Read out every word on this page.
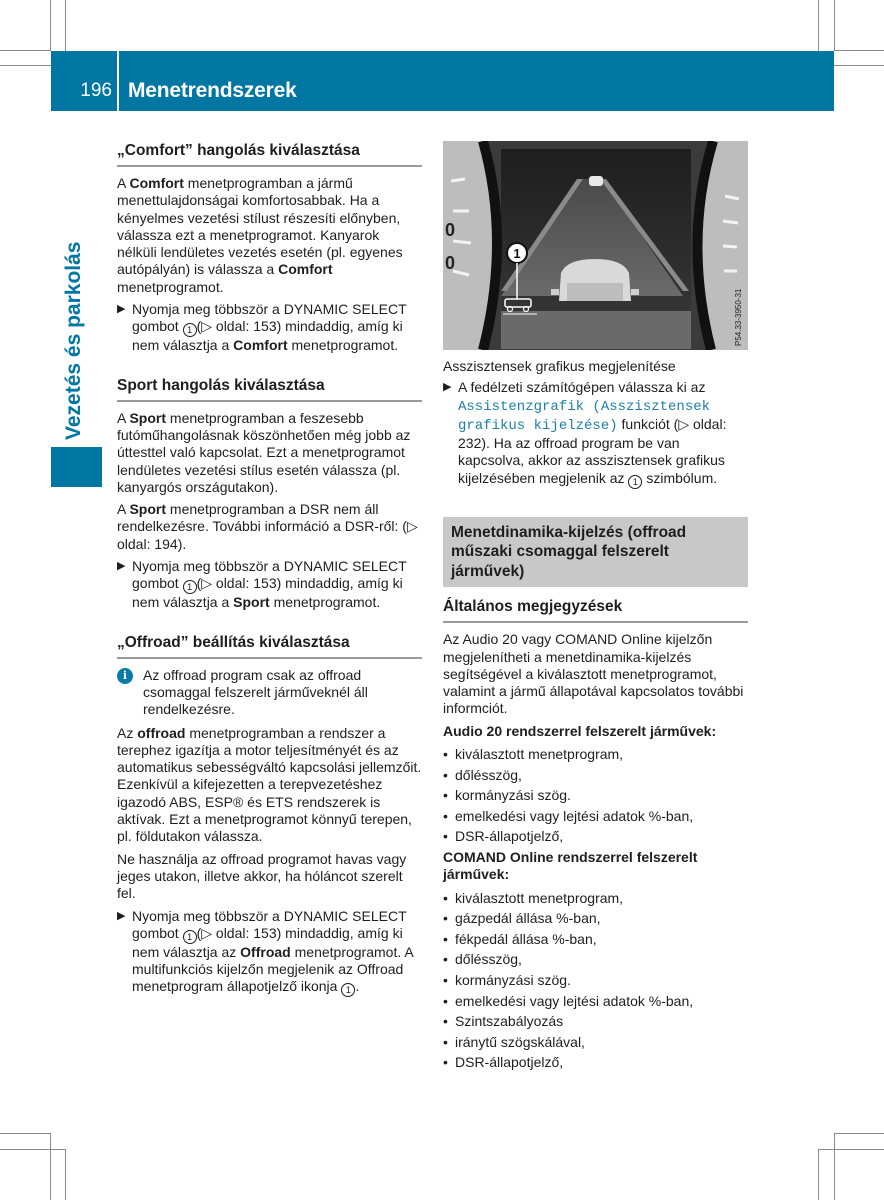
196 Menetrendszerek
Vezetés és parkolás
„Comfort” hangolás kiválasztása

A Comfort menetprogramban a jármű menettulajdonságai komfortosabbak. Ha a kényelmes vezetési stílust részesíti előnyben, válassza ezt a menetprogramot. Kanyarok nélküli lendületes vezetés esetén (pl. egyenes autópályán) is válassza a Comfort menetprogramot.

▶ Nyomja meg többször a DYNAMIC SELECT gombot 1 (▷ oldal: 153) mindaddig, amíg ki nem választja a Comfort menetprogramot.
Sport hangolás kiválasztása

A Sport menetprogramban a feszesebb futóműhangolásnak köszönhetően még jobb az úttesttel való kapcsolat. Ezt a menetprogramot lendületes vezetési stílus esetén válassza (pl. kanyargós országutakon).

A Sport menetprogramban a DSR nem áll rendelkezésre. További információ a DSR-ről: (▷ oldal: 194).

▶ Nyomja meg többször a DYNAMIC SELECT gombot 1 (▷ oldal: 153) mindaddig, amíg ki nem választja a Sport menetprogramot.
„Offroad” beállítás kiválasztása
i	Az offroad program csak az offroad csomaggal felszerelt járműveknél áll rendelkezésre.

Az offroad menetprogramban a rendszer a terephez igazítja a motor teljesítményét és az automatikus sebességváltó kapcsolási jellemzőit. Ezenkívül a kifejezetten a terepvezetéshez igazodó ABS, ESP® és ETS rendszerek is aktívak. Ezt a menetprogramot könnyű terepen, pl. földutakon válassza.

Ne használja az offroad programot havas vagy jeges utakon, illetve akkor, ha hóláncot szerelt fel.

▶ Nyomja meg többször a DYNAMIC SELECT gombot 1 (▷ oldal: 153) mindaddig, amíg ki nem választja az Offroad menetprogramot. A multifunkciós kijelzőn megjelenik az Offroad menetprogram állapotjelző ikonja 1 .
0
0	1
P54.33-3950-31

Asszisztensek grafikus megjelenítése

▶ A fedélzeti számítógépen válassza ki az Assistenzgrafik (Asszisztensek grafikus kijelzése) funkciót (▷ oldal: 232). Ha az offroad program be van kapcsolva, akkor az asszisztensek grafikus kijelzésében megjelenik az 1 szimbólum.
Menetdinamika-kijelzés (offroad műszaki csomaggal felszerelt járművek)
Általános megjegyzések

Az Audio 20 vagy COMAND Online kijelzőn megjelenítheti a menetdinamika-kijelzés segítségével a kiválasztott menetprogramot, valamint a jármű állapotával kapcsolatos további informciót.

Audio 20 rendszerrel felszerelt járművek:
• kiválasztott menetprogram,
• dőlésszög,
• kormányzási szög.
• emelkedési vagy lejtési adatok %-ban,
• DSR-állapotjelző,
COMAND Online rendszerrel felszerelt járművek:
• kiválasztott menetprogram,
• gázpedál állása %-ban,
• fékpedál állása %-ban,
• dőlésszög,
• kormányzási szög.
• emelkedési vagy lejtési adatok %-ban,
• Szintszabályozás
• iránytű szögskálával,
• DSR-állapotjelző,
